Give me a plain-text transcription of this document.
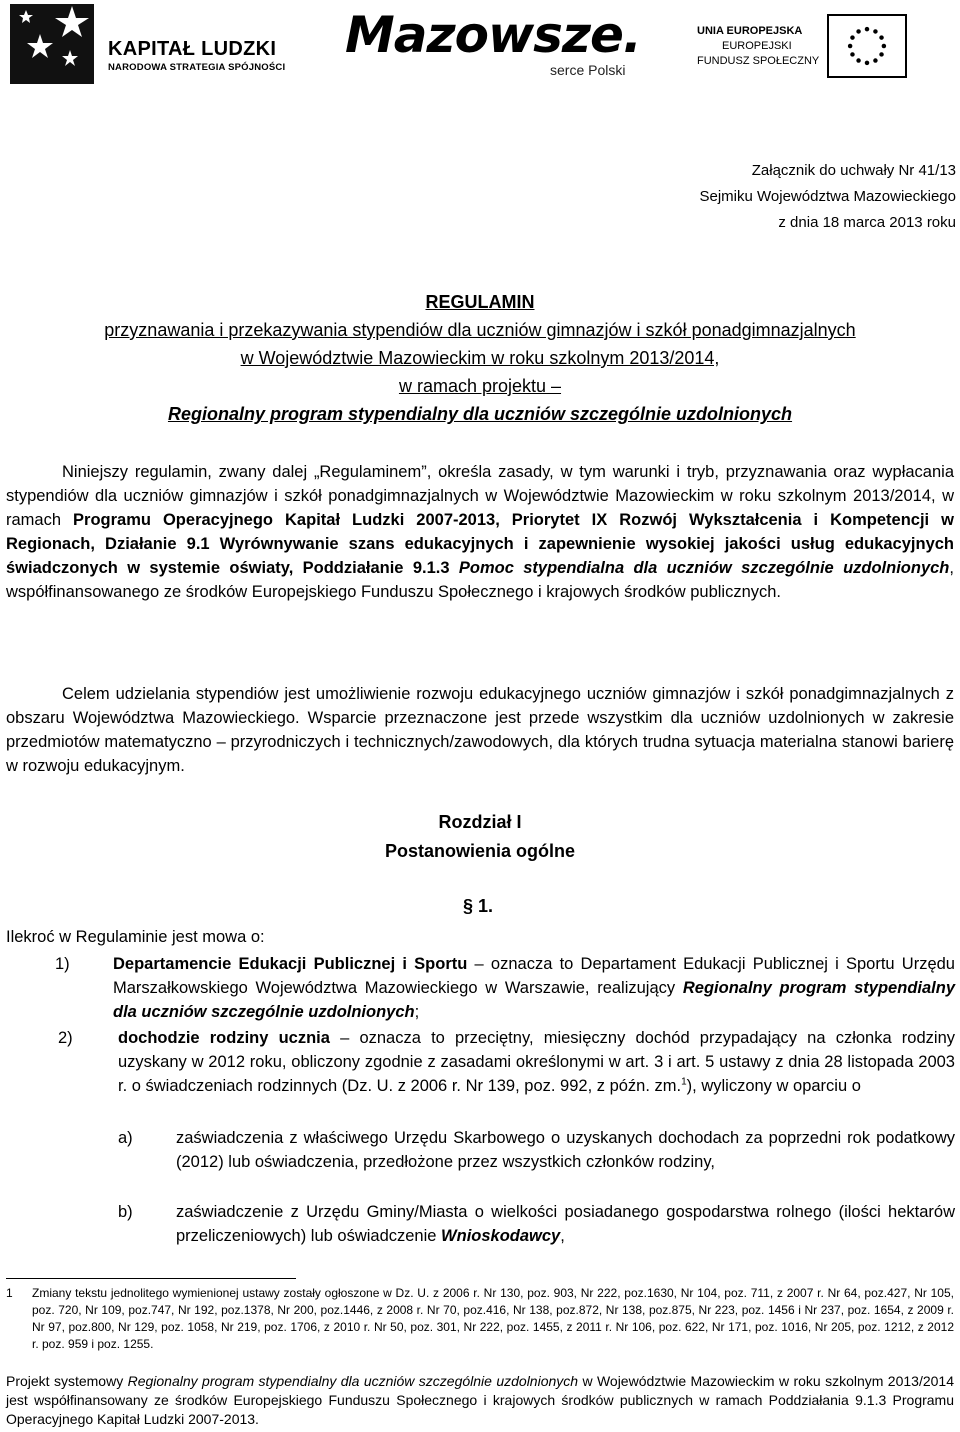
KAPITAŁ LUDZKI
NARODOWA STRATEGIA SPÓJNOŚCI
Mazowsze.
serce Polski
UNIA EUROPEJSKA
EUROPEJSKI
FUNDUSZ SPOŁECZNY
Załącznik do uchwały Nr 41/13
Sejmiku Województwa Mazowieckiego
z dnia 18 marca 2013 roku
REGULAMIN
przyznawania i przekazywania stypendiów dla uczniów gimnazjów i szkół ponadgimnazjalnych
w Województwie Mazowieckim w roku szkolnym 2013/2014,
w ramach projektu –
Regionalny program stypendialny dla uczniów szczególnie uzdolnionych
Niniejszy regulamin, zwany dalej „Regulaminem”, określa zasady, w tym warunki i tryb, przyznawania oraz wypłacania stypendiów dla uczniów gimnazjów i szkół ponadgimnazjalnych w Województwie Mazowieckim w roku szkolnym 2013/2014, w ramach Programu Operacyjnego Kapitał Ludzki 2007-2013, Priorytet IX Rozwój Wykształcenia i Kompetencji w Regionach, Działanie 9.1 Wyrównywanie szans edukacyjnych i zapewnienie wysokiej jakości usług edukacyjnych świadczonych w systemie oświaty, Poddziałanie 9.1.3 Pomoc stypendialna dla uczniów szczególnie uzdolnionych, współfinansowanego ze środków Europejskiego Funduszu Społecznego i krajowych środków publicznych.
Celem udzielania stypendiów jest umożliwienie rozwoju edukacyjnego uczniów gimnazjów i szkół ponadgimnazjalnych z obszaru Województwa Mazowieckiego. Wsparcie przeznaczone jest przede wszystkim dla uczniów uzdolnionych w zakresie przedmiotów matematyczno – przyrodniczych i technicznych/zawodowych, dla których trudna sytuacja materialna stanowi barierę w rozwoju edukacyjnym.
Rozdział I
Postanowienia ogólne
§ 1.
Ilekroć w Regulaminie jest mowa o:
1)	Departamencie Edukacji Publicznej i Sportu – oznacza to Departament Edukacji Publicznej i Sportu Urzędu Marszałkowskiego Województwa Mazowieckiego w Warszawie, realizujący Regionalny program stypendialny dla uczniów szczególnie uzdolnionych;
2)	dochodzie rodziny ucznia – oznacza to przeciętny, miesięczny dochód przypadający na członka rodziny uzyskany w 2012 roku, obliczony zgodnie z zasadami określonymi w art. 3 i art. 5 ustawy z dnia 28 listopada 2003 r. o świadczeniach rodzinnych (Dz. U. z 2006 r. Nr 139, poz. 992, z późn. zm.$^1$), wyliczony w oparciu o
a)	zaświadczenia z właściwego Urzędu Skarbowego o uzyskanych dochodach za poprzedni rok podatkowy (2012) lub oświadczenia, przedłożone przez wszystkich członków rodziny,
b)	zaświadczenie z Urzędu Gminy/Miasta o wielkości posiadanego gospodarstwa rolnego (ilości hektarów przeliczeniowych) lub oświadczenie Wnioskodawcy,
1 Zmiany tekstu jednolitego wymienionej ustawy zostały ogłoszone w Dz. U. z 2006 r. Nr 130, poz. 903, Nr 222, poz.1630, Nr 104, poz. 711, z 2007 r. Nr 64, poz.427, Nr 105, poz. 720, Nr 109, poz.747, Nr 192, poz.1378, Nr 200, poz.1446, z 2008 r. Nr 70, poz.416, Nr 138, poz.872, Nr 138, poz.875, Nr 223, poz. 1456 i Nr 237, poz. 1654, z 2009 r. Nr 97, poz.800, Nr 129, poz. 1058, Nr 219, poz. 1706, z 2010 r. Nr 50, poz. 301, Nr 222, poz. 1455, z 2011 r. Nr 106, poz. 622, Nr 171, poz. 1016, Nr 205, poz. 1212, z 2012 r. poz. 959 i poz. 1255.
Projekt systemowy Regionalny program stypendialny dla uczniów szczególnie uzdolnionych w Województwie Mazowieckim w roku szkolnym 2013/2014 jest współfinansowany ze środków Europejskiego Funduszu Społecznego i krajowych środków publicznych w ramach Poddziałania 9.1.3 Programu Operacyjnego Kapitał Ludzki 2007-2013.
